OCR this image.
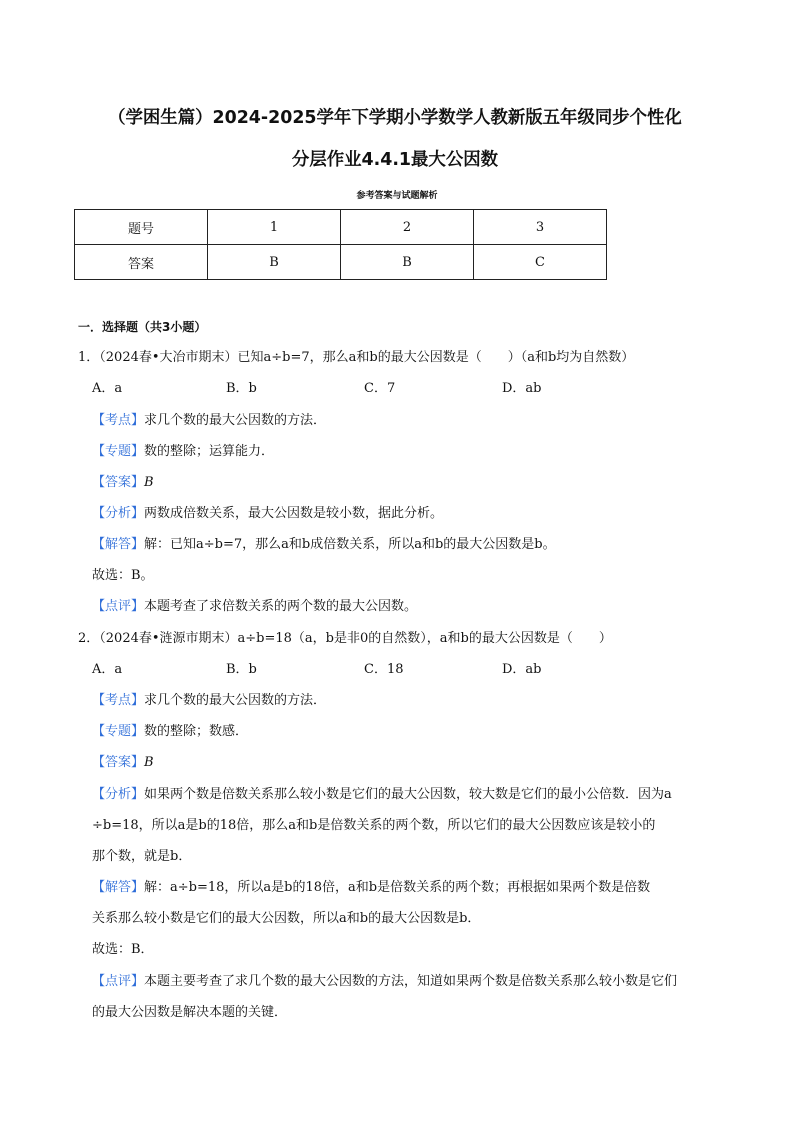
（学困生篇）2024-2025学年下学期小学数学人教新版五年级同步个性化
分层作业4.4.1最大公因数
参考答案与试题解析
题号	1	2	3
答案	B	B	C
一．选择题（共3小题）
1．（2024春•大冶市期末）已知a÷b=7，那么a和b的最大公因数是（　　）（a和b均为自然数）
A．a	B．b	C．7	D．ab
【考点】求几个数的最大公因数的方法．
【专题】数的整除；运算能力．
【答案】B
【分析】两数成倍数关系，最大公因数是较小数，据此分析。
【解答】解：已知a÷b=7，那么a和b成倍数关系，所以a和b的最大公因数是b。
故选：B。
【点评】本题考查了求倍数关系的两个数的最大公因数。
2．（2024春•涟源市期末）a÷b=18（a，b是非0的自然数），a和b的最大公因数是（　　）
A．a	B．b	C．18	D．ab
【考点】求几个数的最大公因数的方法．
【专题】数的整除；数感．
【答案】B
【分析】如果两个数是倍数关系那么较小数是它们的最大公因数，较大数是它们的最小公倍数．因为a
÷b=18，所以a是b的18倍，那么a和b是倍数关系的两个数，所以它们的最大公因数应该是较小的
那个数，就是b．
【解答】解：a÷b=18，所以a是b的18倍，a和b是倍数关系的两个数；再根据如果两个数是倍数
关系那么较小数是它们的最大公因数，所以a和b的最大公因数是b．
故选：B．
【点评】本题主要考查了求几个数的最大公因数的方法，知道如果两个数是倍数关系那么较小数是它们
的最大公因数是解决本题的关键．
